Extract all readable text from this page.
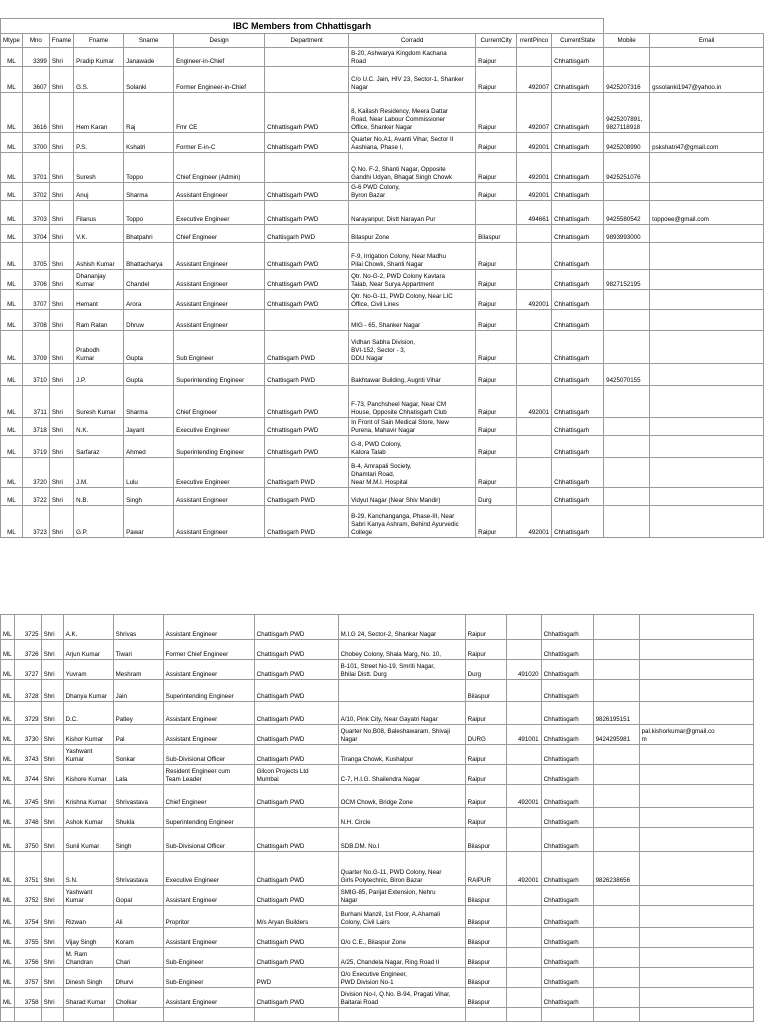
IBC Members from Chhattisgarh												
Mtype	Mno	Fname	Fname	Sname	Design	Department	Corradd	CurrentCity	rrentPinco	CurrentState	Mobile	Email
ML	3399	Shri	Pradip Kumar	Janawade	Engineer-in-Chief		B-20, Ashwarya Kingdom Kachana
Road	Raipur		Chhattisgarh		
ML	3607	Shri	G.S.	Solanki	Former Engineer-in-Chief		C/o U.C. Jain, HIV 23, Sector-1, Shanker
Nagar	Raipur	492007	Chhattisgarh	9425207316	gssolanki1947@yahoo.in
ML	3616	Shri	Hem Karan	Raj	Fmr CE	Chhattisgarh PWD	8, Kailash Residency, Meera Dattar
Road, Near Labour Commissioner
Office, Shanker Nagar	Raipur	492007	Chhattisgarh	9425207891,
9827118918	
ML	3700	Shri	P.S.	Kshatri	Former E-in-C	Chhattisgarh PWD	Quarter No.A1, Avanti Vihar, Sector II
Aashiana, Phase I,	Raipur	492001	Chhattisgarh	9425208990	pskshatri47@gmail.com
ML	3701	Shri	Suresh	Toppo	Chief Engineer (Admin)		Q.No. F-2, Shanti Nagar, Opposite
Gandhi Udyan, Bhagat Singh Chowk	Raipur	492001	Chhattisgarh	9425251076	
ML	3702	Shri	Anuj	Sharma	Assistant Engineer	Chhattisgarh PWD	G-6 PWD Colony,
Byron Bazar	Raipur	492001	Chhattisgarh		
ML	3703	Shri	Filanus	Toppo	Executive Engineer	Chhattisgarh PWD	Narayanpur, Distt Narayan Pur		494661	Chhattisgarh	9425580542	toppoee@gmail.com
ML	3704	Shri	V.K.	Bhatpahri	Chief Engineer	Chattisgarh PWD	Bilaspur Zone	Bilaspur		Chhattisgarh	9893993000	
ML	3705	Shri	Ashish Kumar	Bhattacharya	Assistant Engineer	Chhattisgarh PWD	F-9, Irrigation Colony, Near Madhu
Pilai Chowk, Shanti Nagar	Raipur		Chhattisgarh		
ML	3706	Shri	Dhananjay
Kumar	Chandel	Assistant Engineer	Chhattisgarh PWD	Qtr. No-G-2, PWD Colony Kavtara
Talab, Near Surya Appartment	Raipur		Chhattisgarh	9827152195	
ML	3707	Shri	Hemant	Arora	Assistant Engineer	Chhattisgarh PWD	Qtr. No-G-11, PWD Colony, Near LIC
Office, Civil Lines	Raipur	492001	Chhattisgarh		
ML	3708	Shri	Ram Ratan	Dhruw	Assistant Engineer		MIG - 65, Shanker Nagar	Raipur		Chhattisgarh		
ML	3709	Shri	Prabodh
Kumar	Gupta	Sub Engineer	Chattisgarh PWD	Vidhan Sabha Division,
BVI-152, Sector - 3,
DDU Nagar	Raipur		Chhattisgarh		
ML	3710	Shri	J.P.	Gupta	Superintending Engineer	Chattisgarh PWD	Bakhtawar Building, Augnti Vihar	Raipur		Chhattisgarh	9425070155	
ML	3711	Shri	Suresh Kumar	Sharma	Chief Engineer	Chhattisgarh PWD	F-73, Panchsheel Nagar, Near CM
House, Opposite Chhatisgarh Club	Raipur	492001	Chhattisgarh		
ML	3718	Shri	N.K.	Jayant	Executive Engineer	Chhattisgarh PWD	In Front of Sain Medical Store, New
Purena, Mahavir Nagar	Raipur		Chhattisgarh		
ML	3719	Shri	Sarfaraz	Ahmed	Superintending Engineer	Chhattisgarh PWD	G-8, PWD Colony,
Katora Talab	Raipur		Chhattisgarh		
ML	3720	Shri	J.M.	Lulu	Executive Engineer	Chattisgarh PWD	B-4, Amrapali Society,
Dhamtari Road,
Near M.M.I. Hospital	Raipur		Chhattisgarh		
ML	3722	Shri	N.B.	Singh	Assistant Engineer	Chattisgarh PWD	Vidyut Nagar (Near Shiv Mandir)	Durg		Chhattisgarh		
ML	3723	Shri	G.P.	Pawar	Assistant Engineer	Chattisgarh PWD	B-29, Kanchanganga, Phase-III, Near
Sabri Kanya Ashram, Behind Ayurvedic
College	Raipur	492001	Chhattisgarh		
ML	3725	Shri	A.K.	Shrivas	Assistant Engineer	Chattisgarh PWD	M.I.G 24, Sector-2, Shankar Nagar	Raipur		Chhattisgarh		
ML	3726	Shri	Arjun Kumar	Tiwari	Former Chief Engineer	Chattisgarh PWD	Chobey Colony, Shala Marg, No. 10,	Raipur		Chhattisgarh		
ML	3727	Shri	Yuvram	Meshram	Assistant Engineer	Chattisgarh PWD	B-101, Street No-19, Smriti Nagar,
Bhilai Distt. Durg	Durg	491020	Chhattisgarh		
ML	3728	Shri	Dhanya Kumar	Jain	Superintending Engineer	Chattisgarh PWD		Bilaspur		Chhattisgarh		
ML	3729	Shri	D.C.	Patley	Assistant Engineer	Chattisgarh PWD	A/10, Pink City, Near Gayatri Nagar	Raipur		Chhattisgarh	9826195151	
ML	3730	Shri	Kishor Kumar	Pal	Assistant Engineer	Chattisgarh PWD	Quarter No.B08, Baleshawaram, Shivaji
Nagar	DURG	491001	Chhattisgarh	9424295981	pal.kishorkumar@gmail.co
m
ML	3743	Shri	Yashwant
Kumar	Sonkar	Sub-Divisional Officer	Chattisgarh PWD	Tiranga Chowk, Kushalpur	Raipur		Chhattisgarh		
ML	3744	Shri	Kishore Kumar	Lala	Resident Engineer cum
Team Leader	Gilcon Projects Ltd
Mumbai	C-7, H.I.G. Shailendra Nagar	Raipur		Chhattisgarh		
ML	3745	Shri	Krishna Kumar	Shrivastava	Chief Engineer	Chattisgarh PWD	OCM Chowk, Bridge Zone	Raipur	492001	Chhattisgarh		
ML	3748	Shri	Ashok Kumar	Shukla	Superintending Engineer		N.H. Circle	Raipur		Chhattisgarh		
ML	3750	Shri	Sunil Kumar	Singh	Sub-Divisional Officer	Chattisgarh PWD	SDB.DM. No.I	Bilaspur		Chhattisgarh		
ML	3751	Shri	S.N.	Shrivastava	Executive Engineer	Chattisgarh PWD	Quarter No.G-11, PWD Colony, Near
Girls Polytechnic, Biron Bazar	RAIPUR	492001	Chhattisgarh	9826238656	
ML	3752	Shri	Yashwant
Kumar	Gopal	Assistant Engineer	Chattisgarh PWD	SMIG-85, Parijat Extension, Nehru
Nagar	Bilaspur		Chhattisgarh		
ML	3754	Shri	Rizwan	Ali	Propritor	M/s Aryan Builders	Burhani Manzil, 1st Floor, A.Ahamali
Colony, Civil Lairs	Bilaspur		Chhattisgarh		
ML	3755	Shri	Vijay Singh	Koram	Assistant Engineer	Chattisgarh PWD	O/o C.E., Bilaspur Zone	Bilaspur		Chhattisgarh		
ML	3756	Shri	M. Ram
Chandran	Chari	Sub-Engineer	Chattisgarh PWD	A/25, Chandela Nagar, Ring Road II	Bilaspur		Chhattisgarh		
ML	3757	Shri	Dinesh Singh	Dhurvi	Sub-Engineer	PWD	O/o Executive Engineer,
PWD Division No-1	Bilaspur		Chhattisgarh		
ML	3758	Shri	Sharad Kumar	Cholkar	Assistant Engineer	Chattisgarh PWD	Division No-I, Q.No. B-94, Pragati Vihar,
Baitarai Road	Bilaspur		Chhattisgarh		
